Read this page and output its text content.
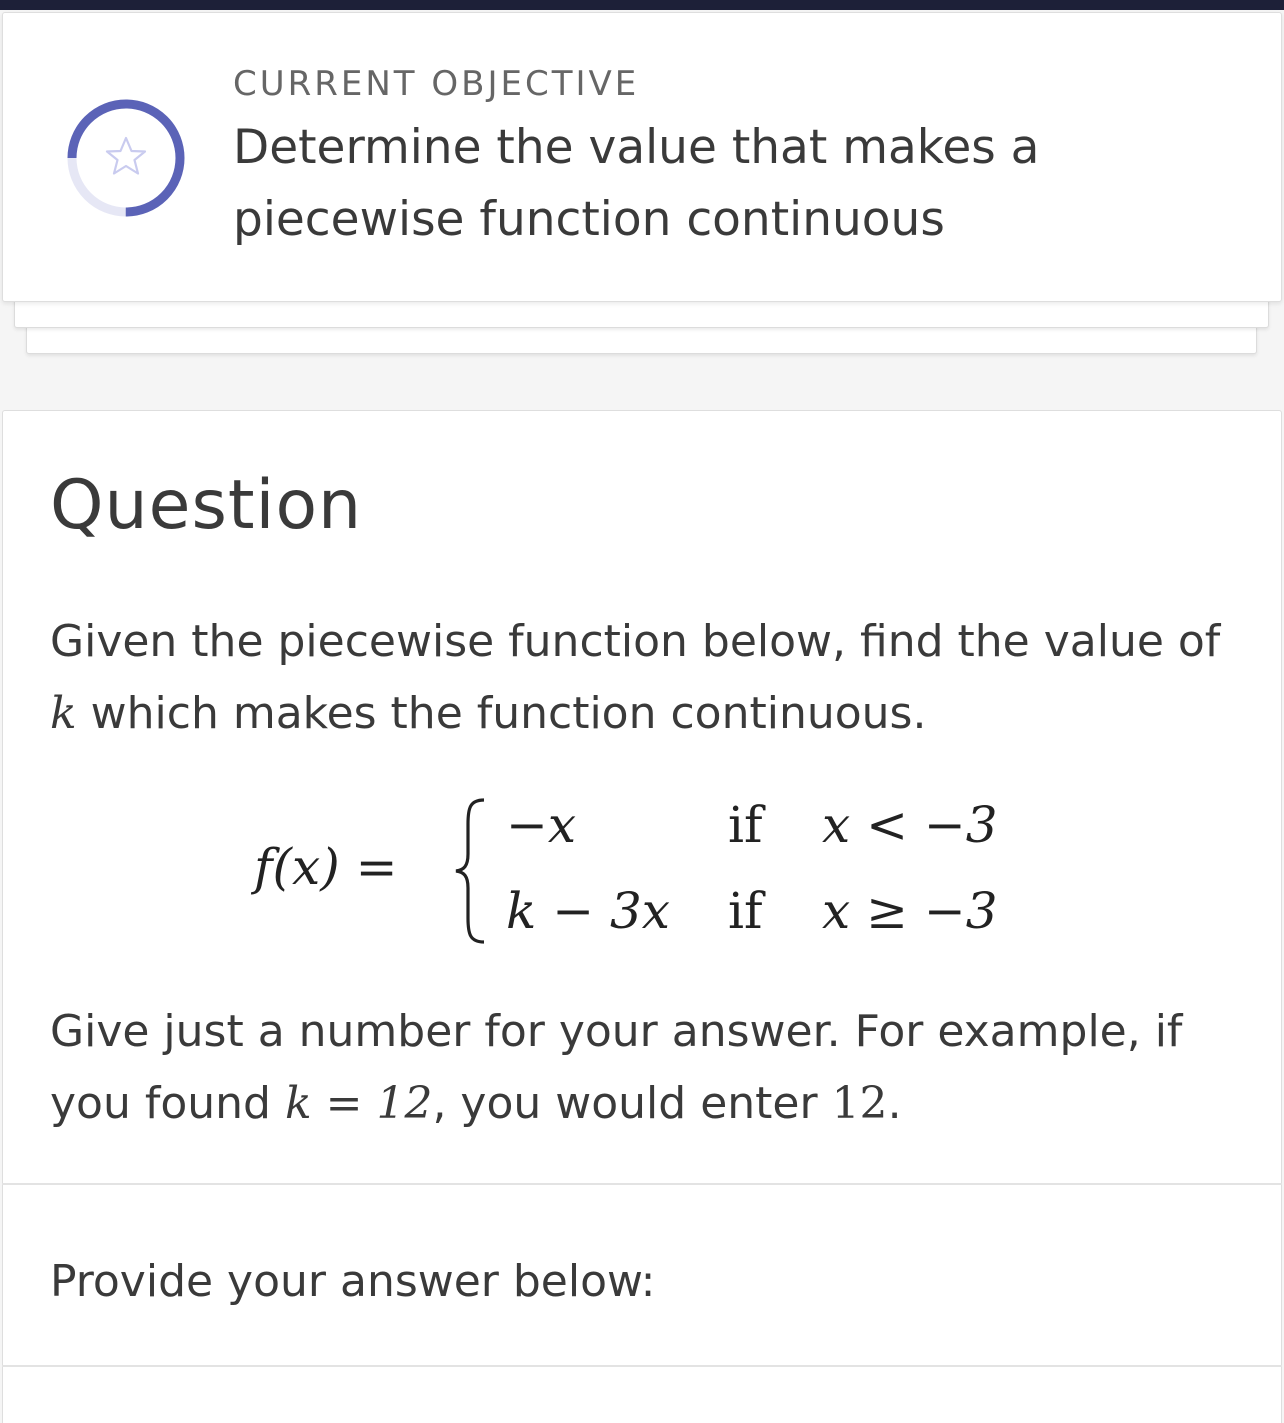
CURRENT OBJECTIVE
Determine the value that makes a piecewise function continuous
Question
Given the piecewise function below, find the value of
k which makes the function continuous.
f(x) =
−x	if x < −3
k − 3x if x ≥ −3
Give just a number for your answer. For example, if
you found k = 12, you would enter 12.
Provide your answer below:
